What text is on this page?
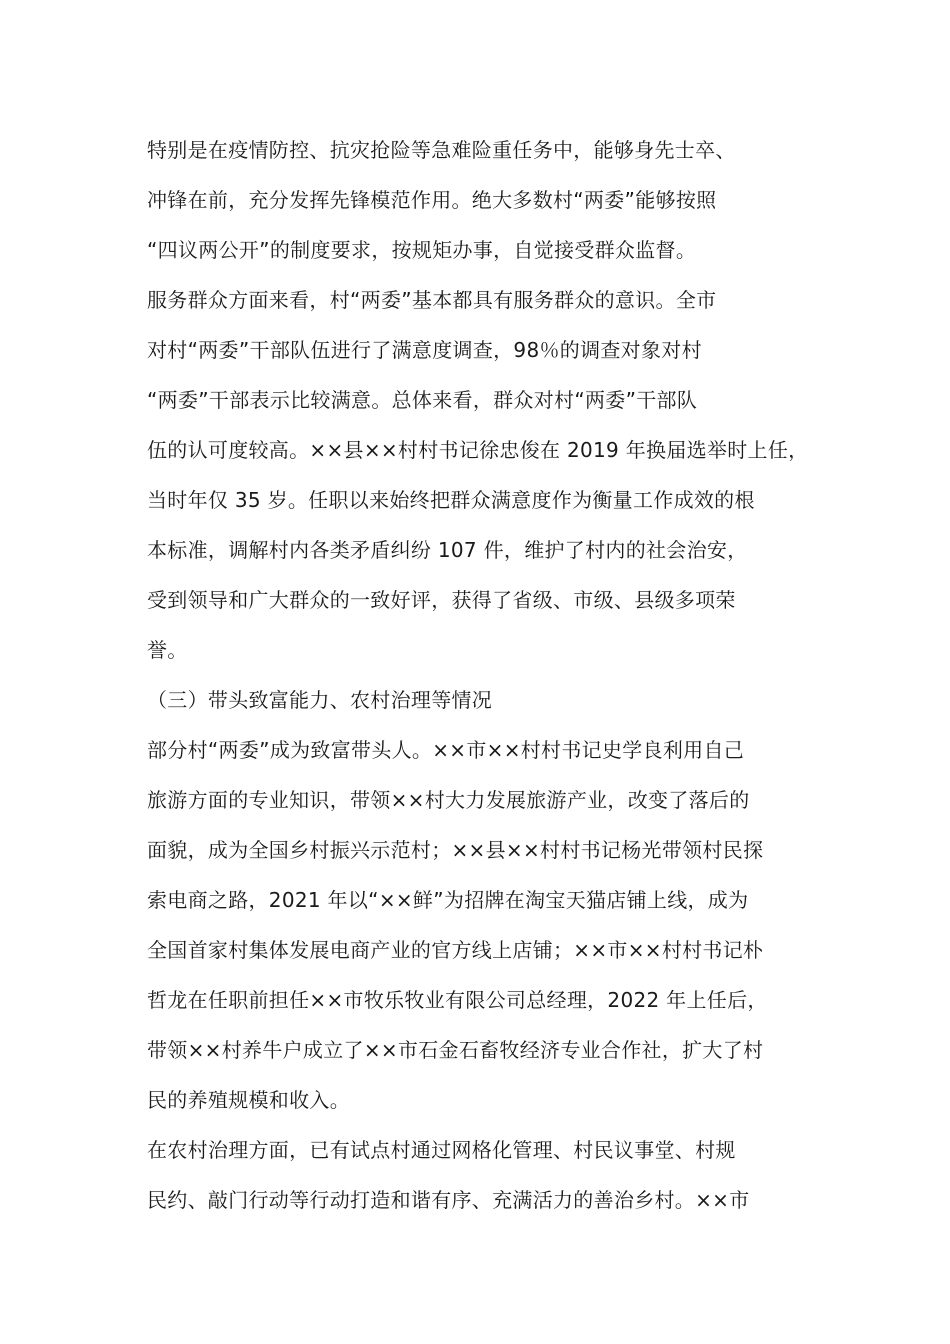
特别是在疫情防控、抗灾抢险等急难险重任务中，能够身先士卒、
冲锋在前，充分发挥先锋模范作用。绝大多数村“两委”能够按照
“四议两公开”的制度要求，按规矩办事，自觉接受群众监督。
服务群众方面来看，村“两委”基本都具有服务群众的意识。全市
对村“两委”干部队伍进行了满意度调查，98％的调查对象对村
“两委”干部表示比较满意。总体来看，群众对村“两委”干部队
伍的认可度较高。××县××村村书记徐忠俊在 2019 年换届选举时上任，
当时年仅 35 岁。任职以来始终把群众满意度作为衡量工作成效的根
本标准，调解村内各类矛盾纠纷 107 件，维护了村内的社会治安，
受到领导和广大群众的一致好评，获得了省级、市级、县级多项荣
誉。
（三）带头致富能力、农村治理等情况
部分村“两委”成为致富带头人。××市××村村书记史学良利用自己
旅游方面的专业知识，带领××村大力发展旅游产业，改变了落后的
面貌，成为全国乡村振兴示范村；××县××村村书记杨光带领村民探
索电商之路，2021 年以“××鲜”为招牌在淘宝天猫店铺上线，成为
全国首家村集体发展电商产业的官方线上店铺；××市××村村书记朴
哲龙在任职前担任××市牧乐牧业有限公司总经理，2022 年上任后，
带领××村养牛户成立了××市石金石畜牧经济专业合作社，扩大了村
民的养殖规模和收入。
在农村治理方面，已有试点村通过网格化管理、村民议事堂、村规
民约、敲门行动等行动打造和谐有序、充满活力的善治乡村。××市
